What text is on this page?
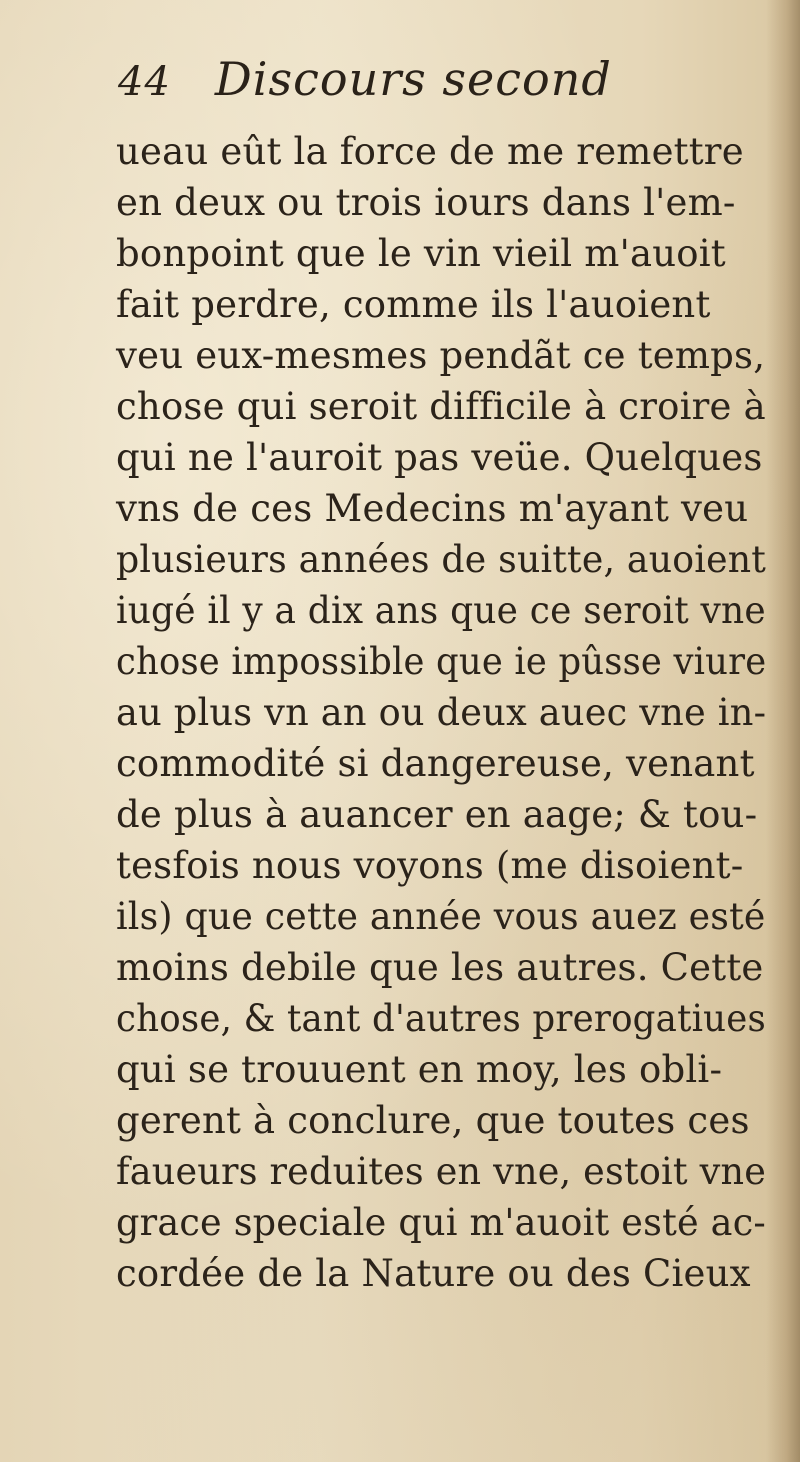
44 Discours second
ueau eût la force de me remettre
en deux ou trois iours dans l'em-
bonpoint que le vin vieil m'auoit
fait perdre, comme ils l'auoient
veu eux-mesmes pendãt ce temps,
chose qui seroit difficile à croire à
qui ne l'auroit pas veüe. Quelques
vns de ces Medecins m'ayant veu
plusieurs années de suitte, auoient
iugé il y a dix ans que ce seroit vne
chose impossible que ie pûsse viure
au plus vn an ou deux auec vne in-
commodité si dangereuse, venant
de plus à auancer en aage; & tou-
tesfois nous voyons (me disoient-
ils) que cette année vous auez esté
moins debile que les autres. Cette
chose, & tant d'autres prerogatiues
qui se trouuent en moy, les obli-
gerent à conclure, que toutes ces
faueurs reduites en vne, estoit vne
grace speciale qui m'auoit esté ac-
cordée de la Nature ou des Cieux
